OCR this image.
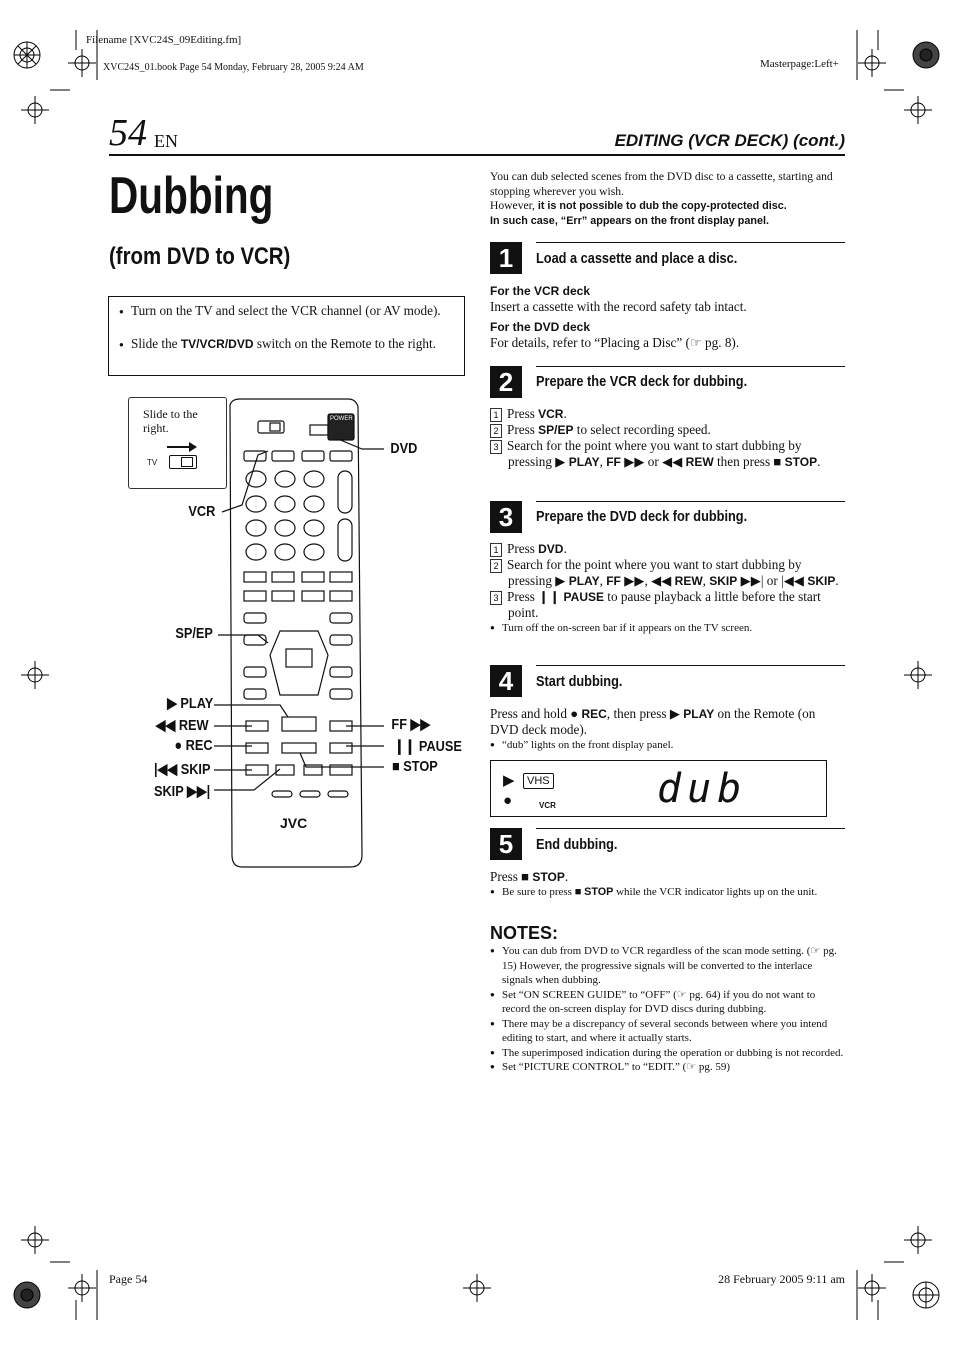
Filename [XVC24S_09Editing.fm]
XVC24S_01.book Page 54 Monday, February 28, 2005 9:24 AM	Masterpage:Left+
54 EN	EDITING (VCR DECK) (cont.)
Dubbing
(from DVD to VCR)
● Turn on the TV and select the VCR channel (or AV mode).
● Slide the TV/VCR/DVD switch on the Remote to the right.
Slide to the right.
TV
POWER
JVC
DVD
VCR
SP/EP
▶ PLAY
◀◀ REW
● REC
|◀◀ SKIP
SKIP ▶▶|
FF ▶▶
❙❙ PAUSE
■ STOP
You can dub selected scenes from the DVD disc to a cassette, starting and stopping wherever you wish.
However, it is not possible to dub the copy-protected disc.
In such case, “Err” appears on the front display panel.
1	Load a cassette and place a disc.
For the VCR deck
Insert a cassette with the record safety tab intact.
For the DVD deck
For details, refer to “Placing a Disc” (☞ pg. 8).
2	Prepare the VCR deck for dubbing.
1 Press VCR.
2 Press SP/EP to select recording speed.
3 Search for the point where you want to start dubbing by pressing ▶ PLAY, FF ▶▶ or ◀◀ REW then press ■ STOP.
3	Prepare the DVD deck for dubbing.
1 Press DVD.
2 Search for the point where you want to start dubbing by pressing ▶ PLAY, FF ▶▶, ◀◀ REW, SKIP ▶▶| or |◀◀ SKIP.
3 Press ❙❙ PAUSE to pause playback a little before the start point.
● Turn off the on-screen bar if it appears on the TV screen.
4	Start dubbing.
Press and hold ● REC, then press ▶ PLAY on the Remote (on DVD deck mode).
● “dub” lights on the front display panel.
▶	VHS
●	VCR	dub
5	End dubbing.
Press ■ STOP.
● Be sure to press ■ STOP while the VCR indicator lights up on the unit.
NOTES:
● You can dub from DVD to VCR regardless of the scan mode setting. (☞ pg. 15) However, the progressive signals will be converted to the interlace signals when dubbing.
● Set “ON SCREEN GUIDE” to “OFF” (☞ pg. 64) if you do not want to record the on-screen display for DVD discs during dubbing.
● There may be a discrepancy of several seconds between where you intend editing to start, and where it actually starts.
● The superimposed indication during the operation or dubbing is not recorded.
● Set “PICTURE CONTROL” to “EDIT.” (☞ pg. 59)
Page 54	28 February 2005 9:11 am
